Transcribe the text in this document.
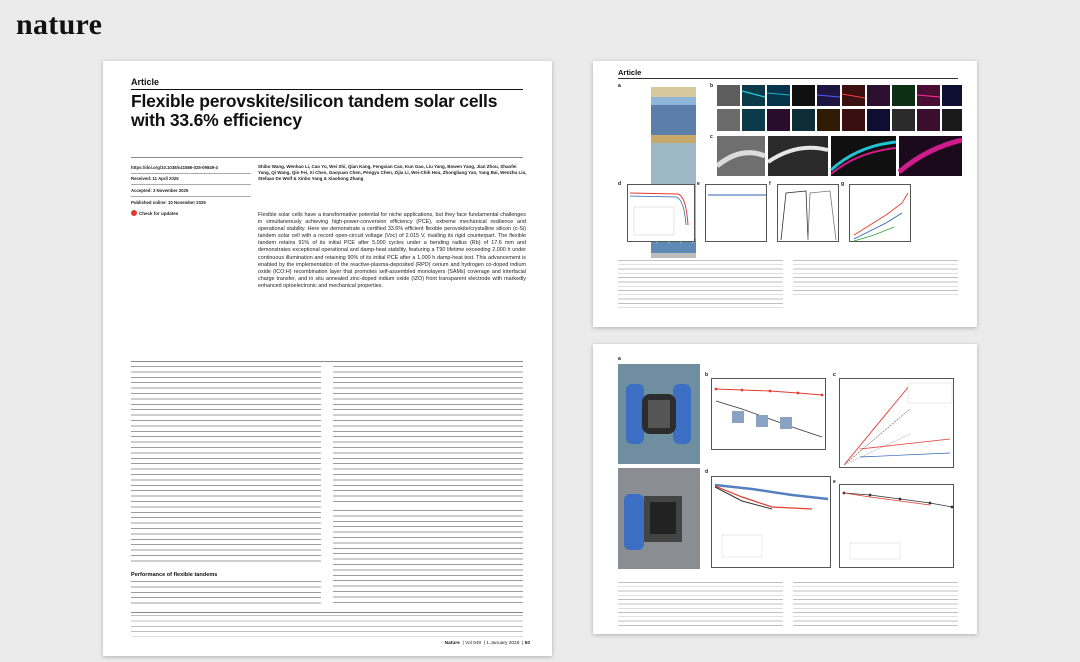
nature
Article
Flexible perovskite/silicon tandem solar cells with 33.6% efficiency
https://doi.org/10.1038/s41586-025-09849-4
Received: 11 April 2025
Accepted: 3 November 2025
Published online: 10 November 2025
Check for updates
Shibo Wang, Wenhao Li, Cao Yu, Wei Shi, Qian Kang, Fengxian Cao, Kun Gao, Liu Yang, Bowen Yang, Jian Zhou, Shaofei Yang, Qi Wang, Qin Fei, Xi Chen, Gaoyuan Chen, Pengyu Chen, Zijia Li, Wei-Chih Hsu, Zhongliang Yan, Yang Bai, Wenzhu Liu, Stefaan De Wolf & Xinbo Yang & Xiaohong Zhang
Flexible solar cells have a transformative potential for niche applications, but they face fundamental challenges in simultaneously achieving high-power-conversion efficiency (PCE), extreme mechanical resilience and operational stability. Here we demonstrate a certified 33.6% efficient flexible perovskite/crystalline silicon (c-Si) tandem solar cell with a record open-circuit voltage (Voc) of 2.015 V, rivalling its rigid counterpart. The flexible tandem retains 91% of its initial PCE after 5,000 cycles under a bending radius (Rb) of 17.6 mm and demonstrates exceptional operational and damp-heat stability, featuring a T90 lifetime exceeding 2,000 h under continuous illumination and retaining 90% of its initial PCE after a 1,000 h damp-heat test. This advancement is enabled by the implementation of the reactive-plasma-deposited (RPD) cerium and hydrogen co-doped indium oxide (ICO:H) recombination layer that promotes self-assembled monolayers (SAMs) coverage and interfacial charge transfer, and in situ annealed zinc-doped indium oxide (IZO) front transparent electrode with markedly enhanced optoelectronic and mechanical properties.
Performance of flexible tandems
Nature  | Vol 649  | 1 January 2026  | 50
Article
a	b
c
d	e	f	g
a
b	c
d
e
